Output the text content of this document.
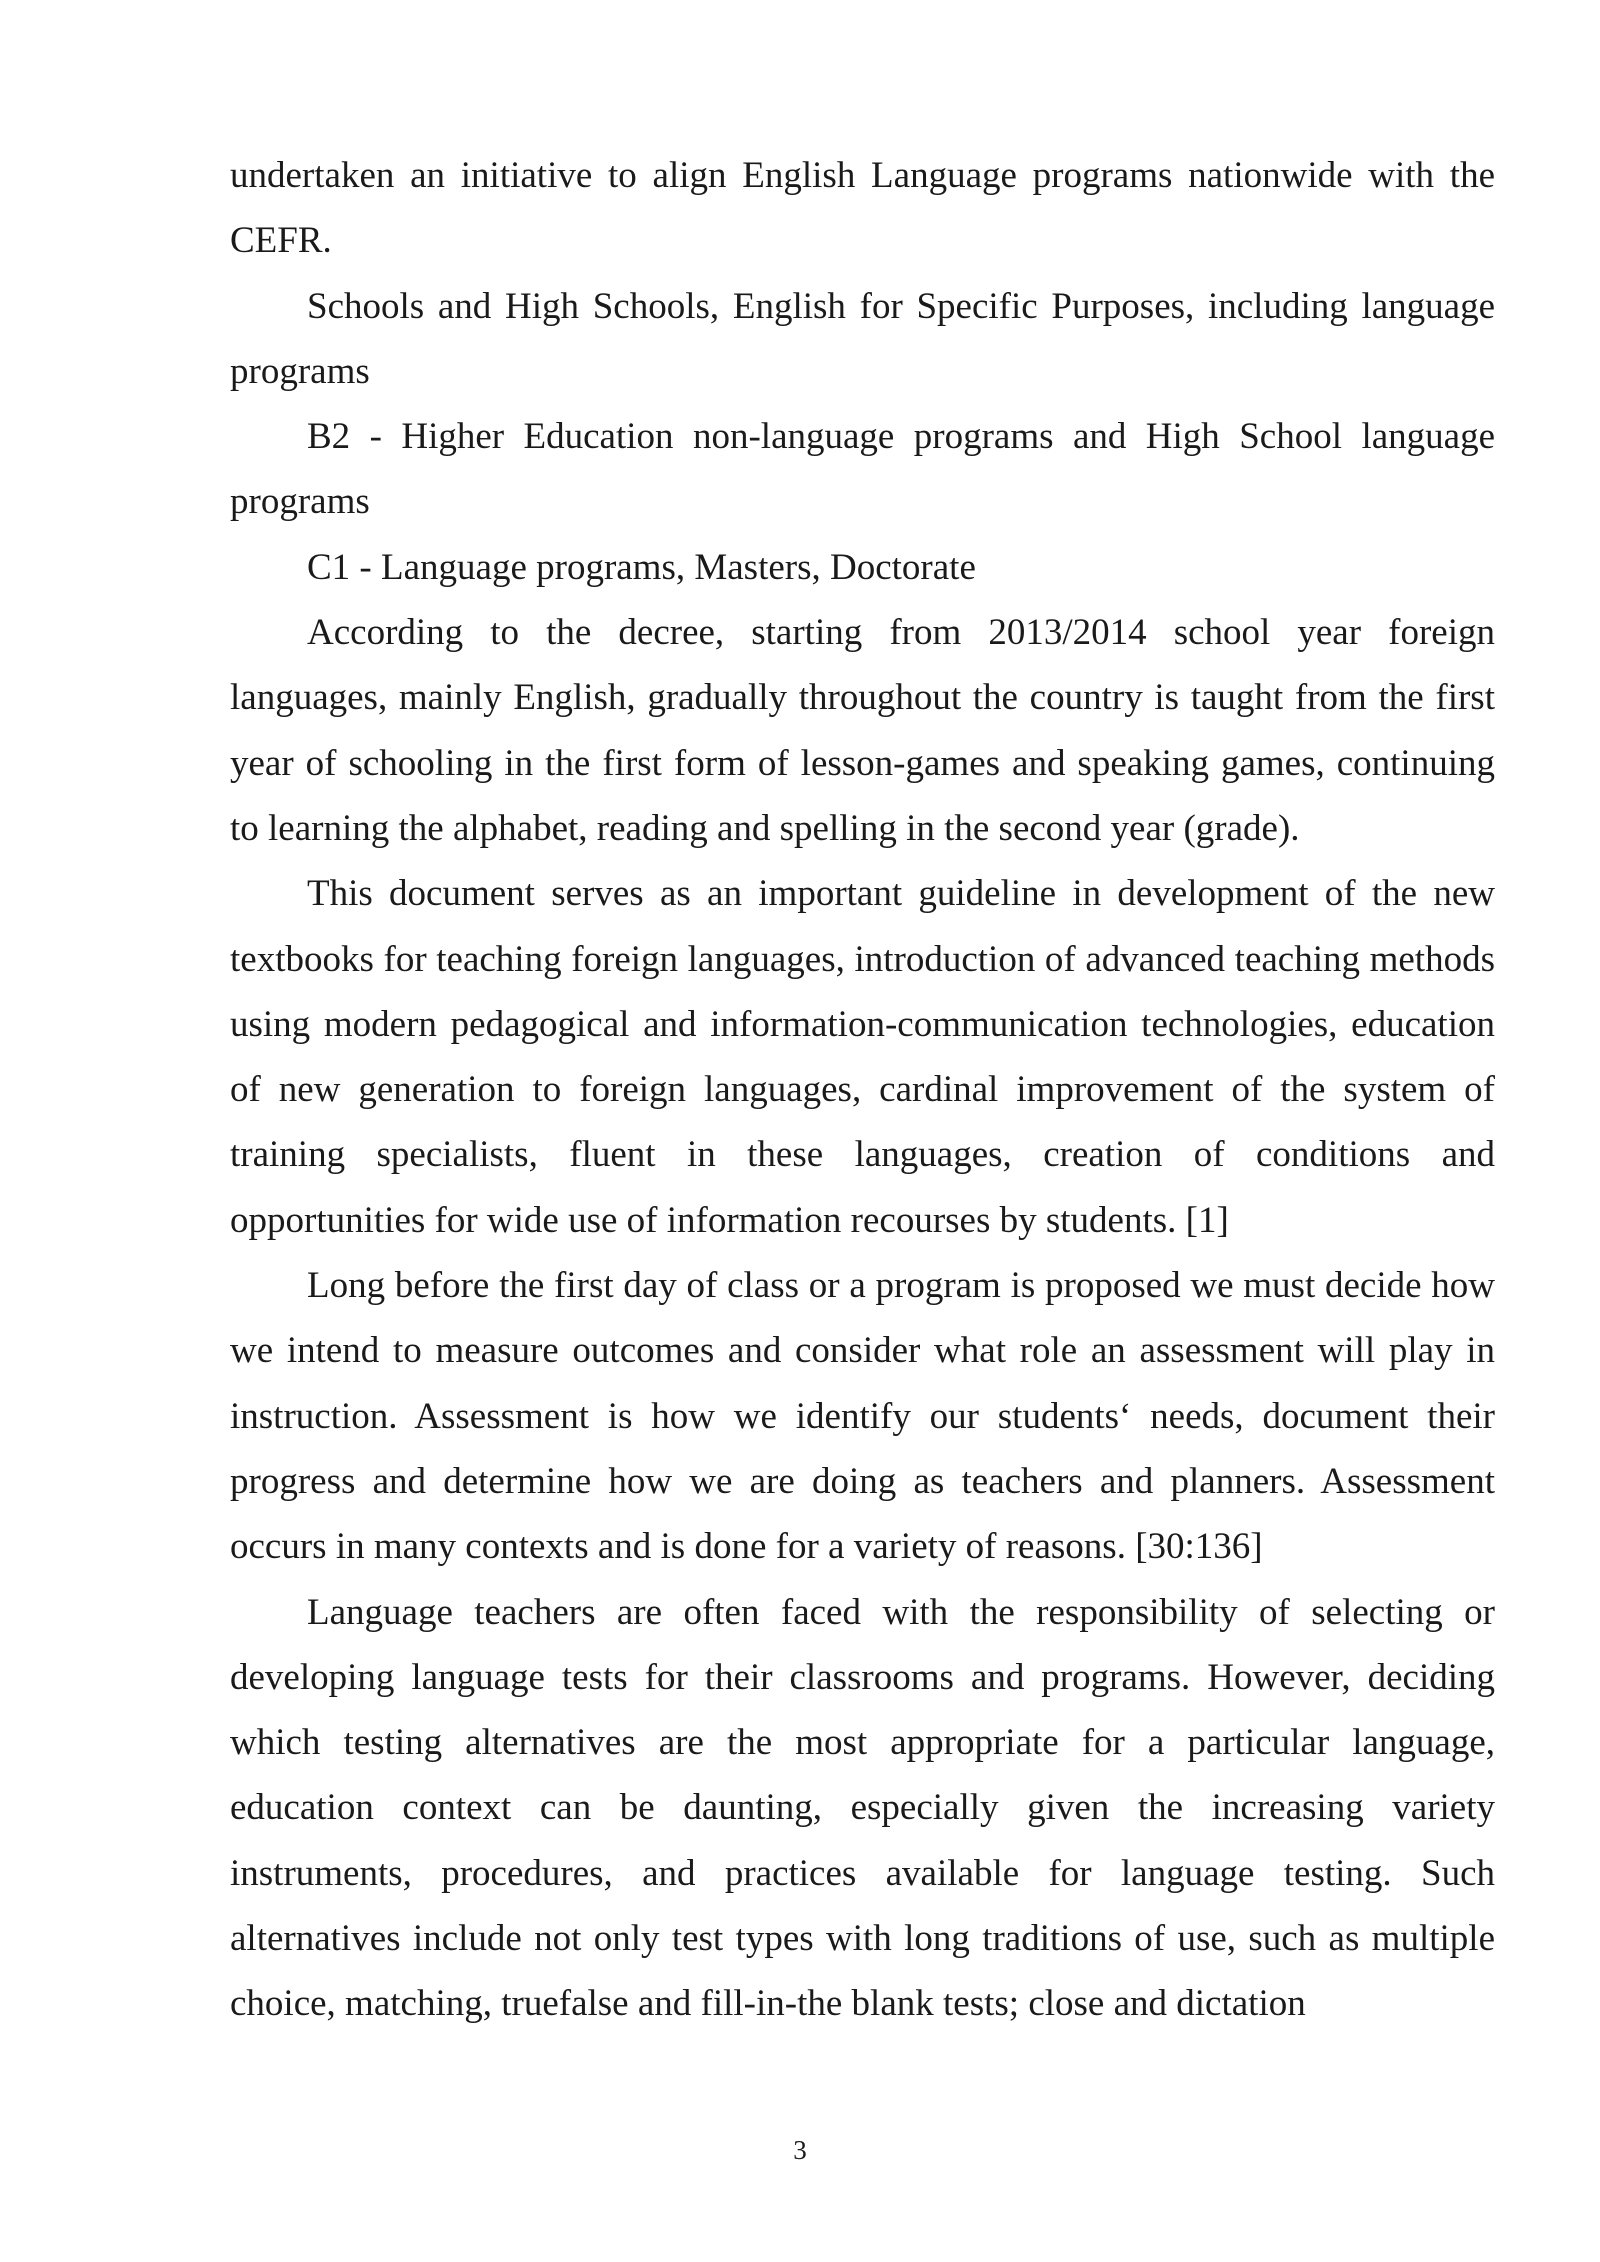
undertaken an initiative to align English Language programs nationwide with the CEFR.

Schools and High Schools, English for Specific Purposes, including language programs

B2 - Higher Education non-language programs and High School language programs

C1 - Language programs, Masters, Doctorate

According to the decree, starting from 2013/2014 school year foreign languages, mainly English, gradually throughout the country is taught from the first year of schooling in the first form of lesson-games and speaking games, continuing to learning the alphabet, reading and spelling in the second year (grade).

This document serves as an important guideline in development of the new textbooks for teaching foreign languages, introduction of advanced teaching methods using modern pedagogical and information-communication technologies, education of new generation to foreign languages, cardinal improvement of the system of training specialists, fluent in these languages, creation of conditions and opportunities for wide use of information recourses by students. [1]

Long before the first day of class or a program is proposed we must decide how we intend to measure outcomes and consider what role an assessment will play in instruction. Assessment is how we identify our students‘ needs, document their progress and determine how we are doing as teachers and planners. Assessment occurs in many contexts and is done for a variety of reasons. [30:136]

Language teachers are often faced with the responsibility of selecting or developing language tests for their classrooms and programs. However, deciding which testing alternatives are the most appropriate for a particular language, education context can be daunting, especially given the increasing variety instruments, procedures, and practices available for language testing. Such alternatives include not only test types with long traditions of use, such as multiple choice, matching, truefalse and fill-in-the blank tests; close and dictation

3
